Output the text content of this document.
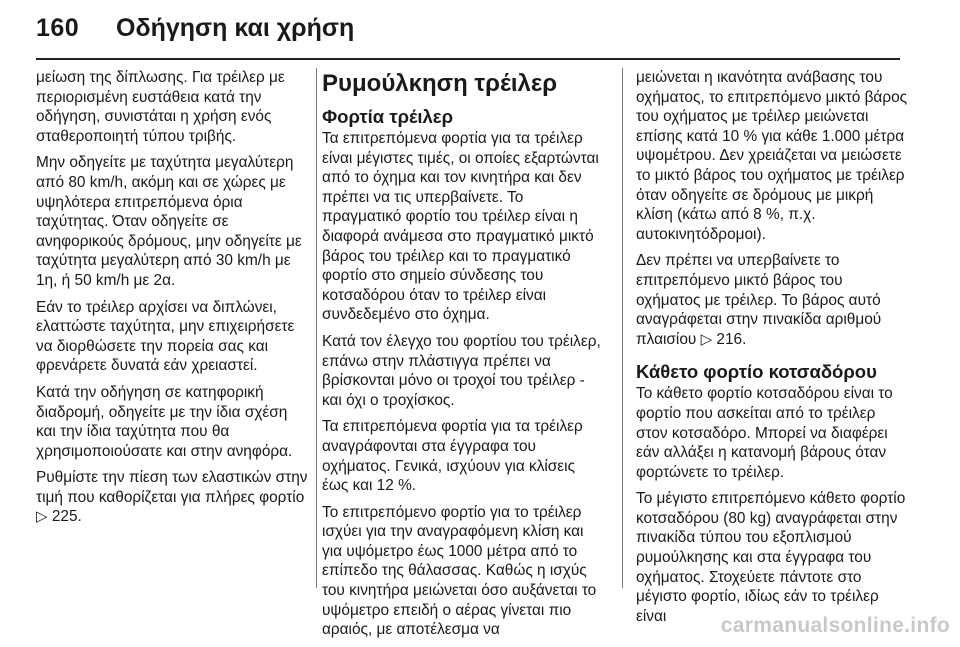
160 Οδήγηση και χρήση

μείωση της δίπλωσης. Για τρέιλερ με περιορισμένη ευστάθεια κατά την οδήγηση, συνιστάται η χρήση ενός σταθεροποιητή τύπου τριβής.

Μην οδηγείτε με ταχύτητα μεγαλύτερη από 80 km/h, ακόμη και σε χώρες με υψηλότερα επιτρεπόμενα όρια ταχύτητας. Όταν οδηγείτε σε ανηφορικούς δρόμους, μην οδηγείτε με ταχύτητα μεγαλύτερη από 30 km/h με 1η, ή 50 km/h με 2α.

Εάν το τρέιλερ αρχίσει να διπλώνει, ελαττώστε ταχύτητα, μην επιχειρήσετε να διορθώσετε την πορεία σας και φρενάρετε δυνατά εάν χρειαστεί.

Κατά την οδήγηση σε κατηφορική διαδρομή, οδηγείτε με την ίδια σχέση και την ίδια ταχύτητα που θα χρησιμοποιούσατε και στην ανηφόρα.

Ρυθμίστε την πίεση των ελαστικών στην τιμή που καθορίζεται για πλήρες φορτίο ▷ 225.

Ρυμούλκηση τρέιλερ
Φορτία τρέιλερ

Τα επιτρεπόμενα φορτία για τα τρέιλερ είναι μέγιστες τιμές, οι οποίες εξαρτώνται από το όχημα και τον κινητήρα και δεν πρέπει να τις υπερβαίνετε. Το πραγματικό φορτίο του τρέιλερ είναι η διαφορά ανάμεσα στο πραγματικό μικτό βάρος του τρέιλερ και το πραγματικό φορτίο στο σημείο σύνδεσης του κοτσαδόρου όταν το τρέιλερ είναι συνδεδεμένο στο όχημα.

Κατά τον έλεγχο του φορτίου του τρέιλερ, επάνω στην πλάστιγγα πρέπει να βρίσκονται μόνο οι τροχοί του τρέιλερ - και όχι ο τροχίσκος.

Τα επιτρεπόμενα φορτία για τα τρέιλερ αναγράφονται στα έγγραφα του οχήματος. Γενικά, ισχύουν για κλίσεις έως και 12 %.

Το επιτρεπόμενο φορτίο για το τρέιλερ ισχύει για την αναγραφόμενη κλίση και για υψόμετρο έως 1000 μέτρα από το επίπεδο της θάλασσας. Καθώς η ισχύς του κινητήρα μειώνεται όσο αυξάνεται το υψόμετρο επειδή ο αέρας γίνεται πιο αραιός, με αποτέλεσμα να

μειώνεται η ικανότητα ανάβασης του οχήματος, το επιτρεπόμενο μικτό βάρος του οχήματος με τρέιλερ μειώνεται επίσης κατά 10 % για κάθε 1.000 μέτρα υψομέτρου. Δεν χρειάζεται να μειώσετε το μικτό βάρος του οχήματος με τρέιλερ όταν οδηγείτε σε δρόμους με μικρή κλίση (κάτω από 8 %, π.χ. αυτοκινητόδρομοι).

Δεν πρέπει να υπερβαίνετε το επιτρεπόμενο μικτό βάρος του οχήματος με τρέιλερ. Το βάρος αυτό αναγράφεται στην πινακίδα αριθμού πλαισίου ▷ 216.

Κάθετο φορτίο κοτσαδόρου

Το κάθετο φορτίο κοτσαδόρου είναι το φορτίο που ασκείται από το τρέιλερ στον κοτσαδόρο. Μπορεί να διαφέρει εάν αλλάξει η κατανομή βάρους όταν φορτώνετε το τρέιλερ.

Το μέγιστο επιτρεπόμενο κάθετο φορτίο κοτσαδόρου (80 kg) αναγράφεται στην πινακίδα τύπου του εξοπλισμού ρυμούλκησης και στα έγγραφα του οχήματος. Στοχεύετε πάντοτε στο μέγιστο φορτίο, ιδίως εάν το τρέιλερ είναι	carmanualsonline.info
